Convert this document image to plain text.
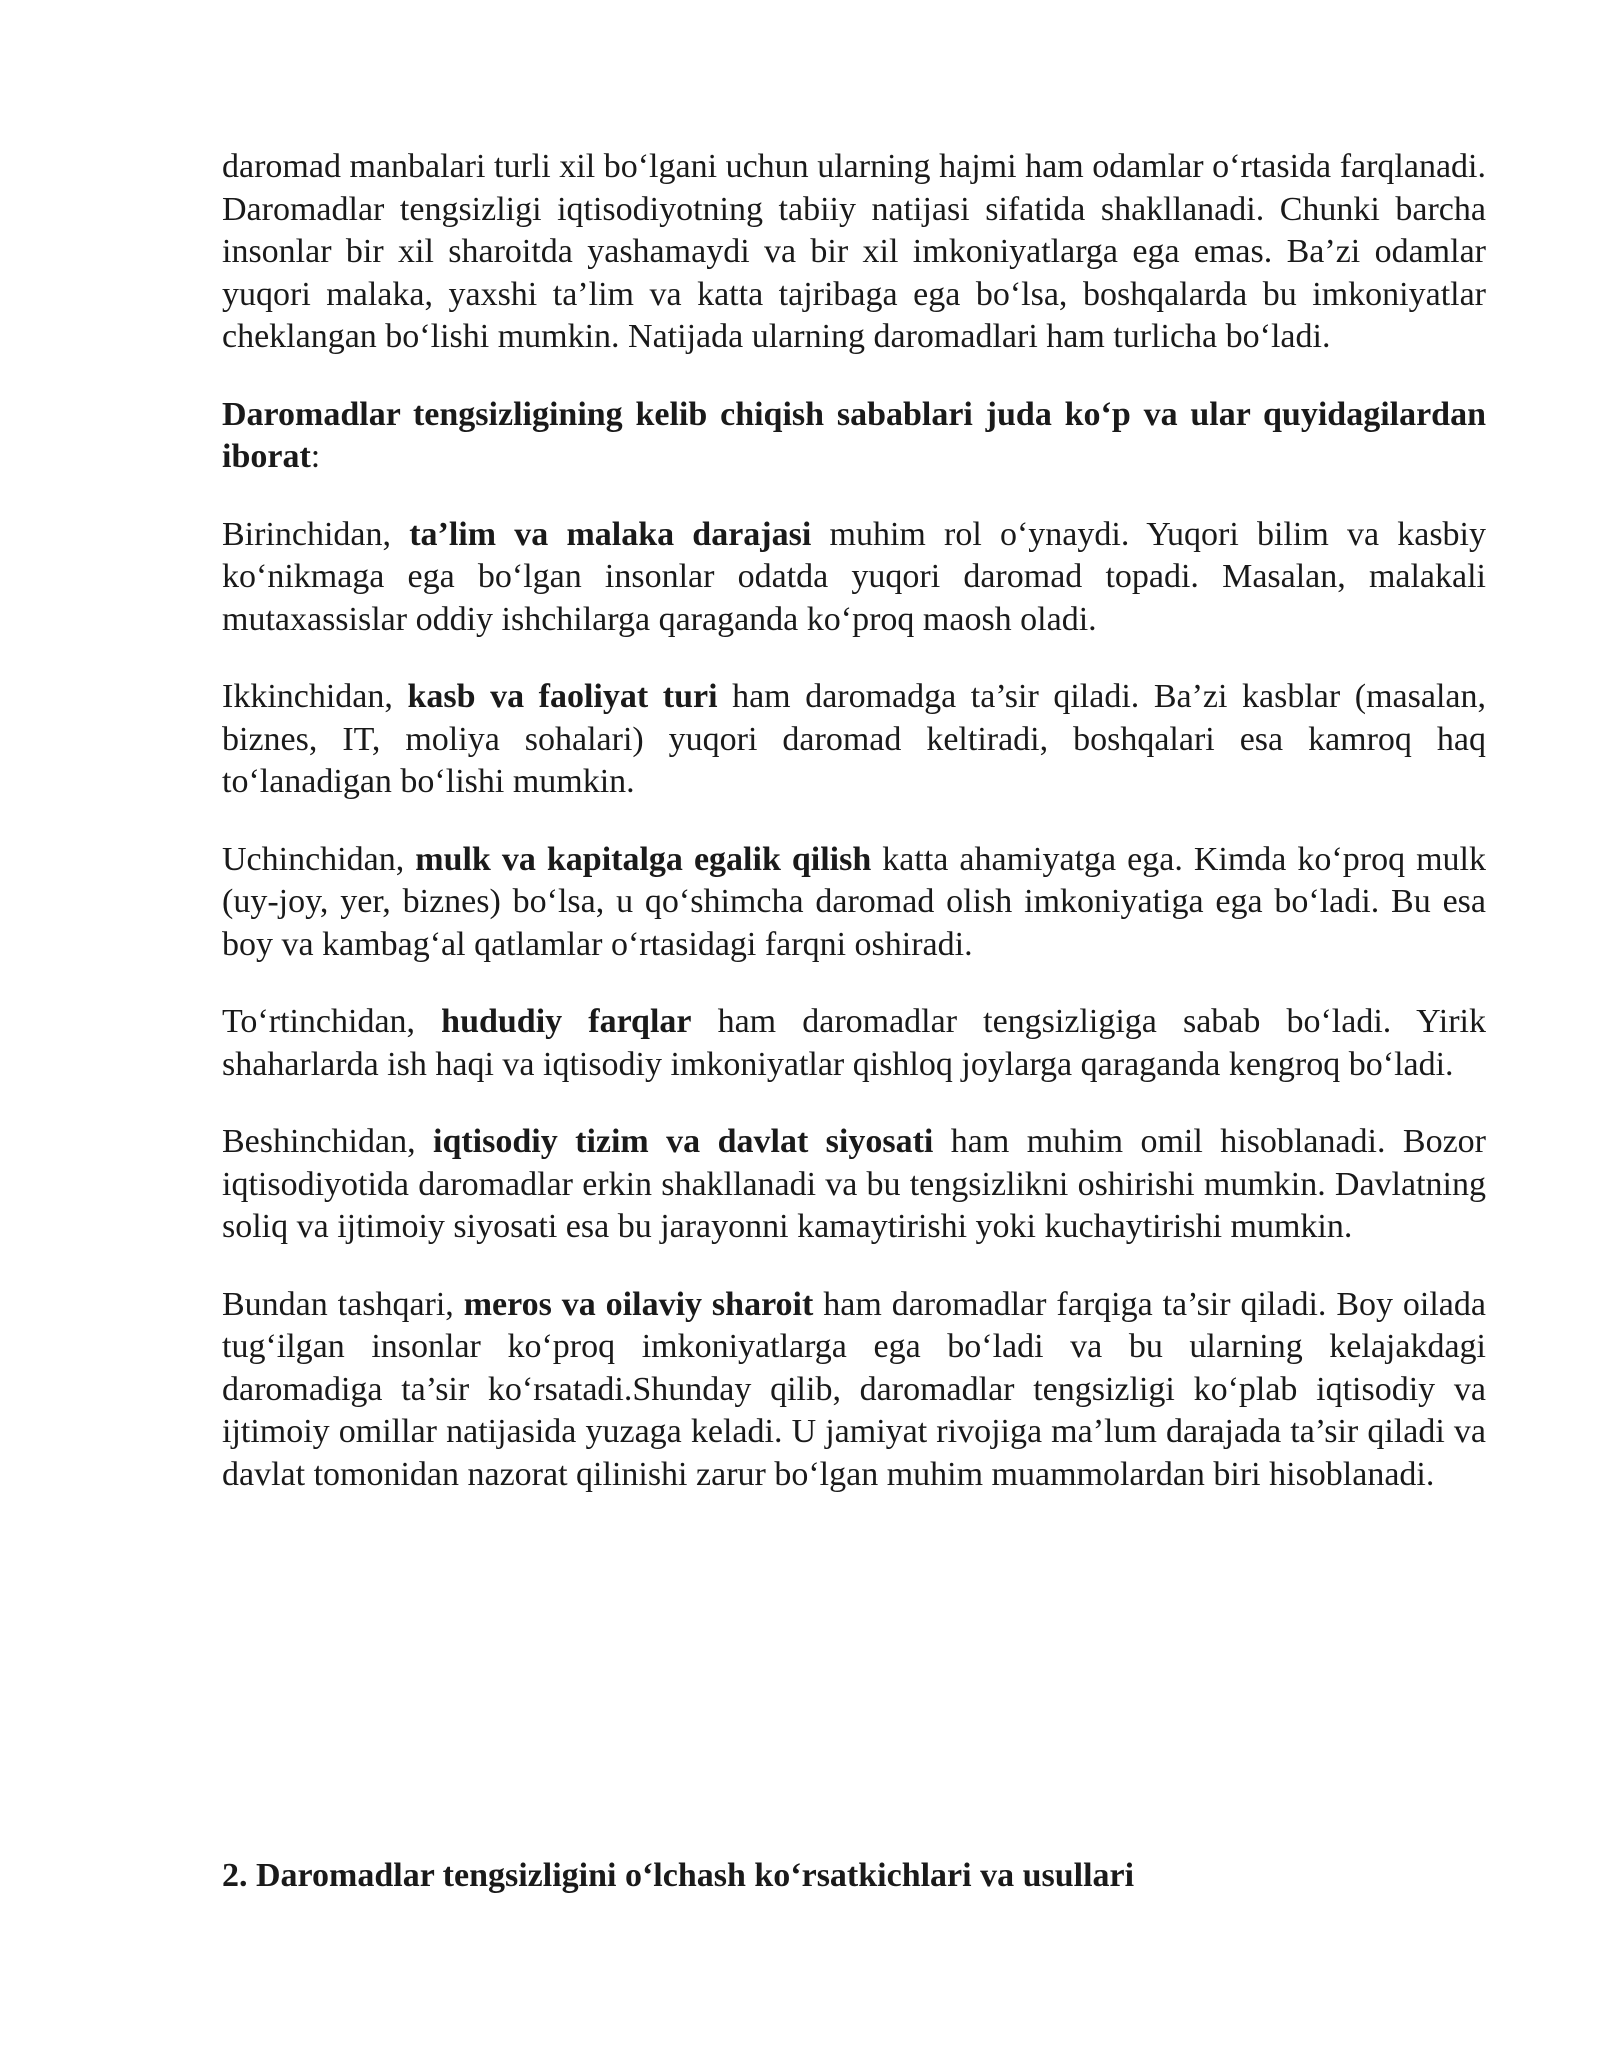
daromad manbalari turli xil bo‘lgani uchun ularning hajmi ham odamlar o‘rtasida farqlanadi. Daromadlar tengsizligi iqtisodiyotning tabiiy natijasi sifatida shakllanadi. Chunki barcha insonlar bir xil sharoitda yashamaydi va bir xil imkoniyatlarga ega emas. Ba’zi odamlar yuqori malaka, yaxshi ta’lim va katta tajribaga ega bo‘lsa, boshqalarda bu imkoniyatlar cheklangan bo‘lishi mumkin. Natijada ularning daromadlari ham turlicha bo‘ladi.

Daromadlar tengsizligining kelib chiqish sabablari juda ko‘p va ular quyidagilardan iborat:

Birinchidan, ta’lim va malaka darajasi muhim rol o‘ynaydi. Yuqori bilim va kasbiy ko‘nikmaga ega bo‘lgan insonlar odatda yuqori daromad topadi. Masalan, malakali mutaxassislar oddiy ishchilarga qaraganda ko‘proq maosh oladi.

Ikkinchidan, kasb va faoliyat turi ham daromadga ta’sir qiladi. Ba’zi kasblar (masalan, biznes, IT, moliya sohalari) yuqori daromad keltiradi, boshqalari esa kamroq haq to‘lanadigan bo‘lishi mumkin.

Uchinchidan, mulk va kapitalga egalik qilish katta ahamiyatga ega. Kimda ko‘proq mulk (uy-joy, yer, biznes) bo‘lsa, u qo‘shimcha daromad olish imkoniyatiga ega bo‘ladi. Bu esa boy va kambag‘al qatlamlar o‘rtasidagi farqni oshiradi.

To‘rtinchidan, hududiy farqlar ham daromadlar tengsizligiga sabab bo‘ladi. Yirik shaharlarda ish haqi va iqtisodiy imkoniyatlar qishloq joylarga qaraganda kengroq bo‘ladi.

Beshinchidan, iqtisodiy tizim va davlat siyosati ham muhim omil hisoblanadi. Bozor iqtisodiyotida daromadlar erkin shakllanadi va bu tengsizlikni oshirishi mumkin. Davlatning soliq va ijtimoiy siyosati esa bu jarayonni kamaytirishi yoki kuchaytirishi mumkin.

Bundan tashqari, meros va oilaviy sharoit ham daromadlar farqiga ta’sir qiladi. Boy oilada tug‘ilgan insonlar ko‘proq imkoniyatlarga ega bo‘ladi va bu ularning kelajakdagi daromadiga ta’sir ko‘rsatadi.Shunday qilib, daromadlar tengsizligi ko‘plab iqtisodiy va ijtimoiy omillar natijasida yuzaga keladi. U jamiyat rivojiga ma’lum darajada ta’sir qiladi va davlat tomonidan nazorat qilinishi zarur bo‘lgan muhim muammolardan biri hisoblanadi.

2. Daromadlar tengsizligini o‘lchash ko‘rsatkichlari va usullari
